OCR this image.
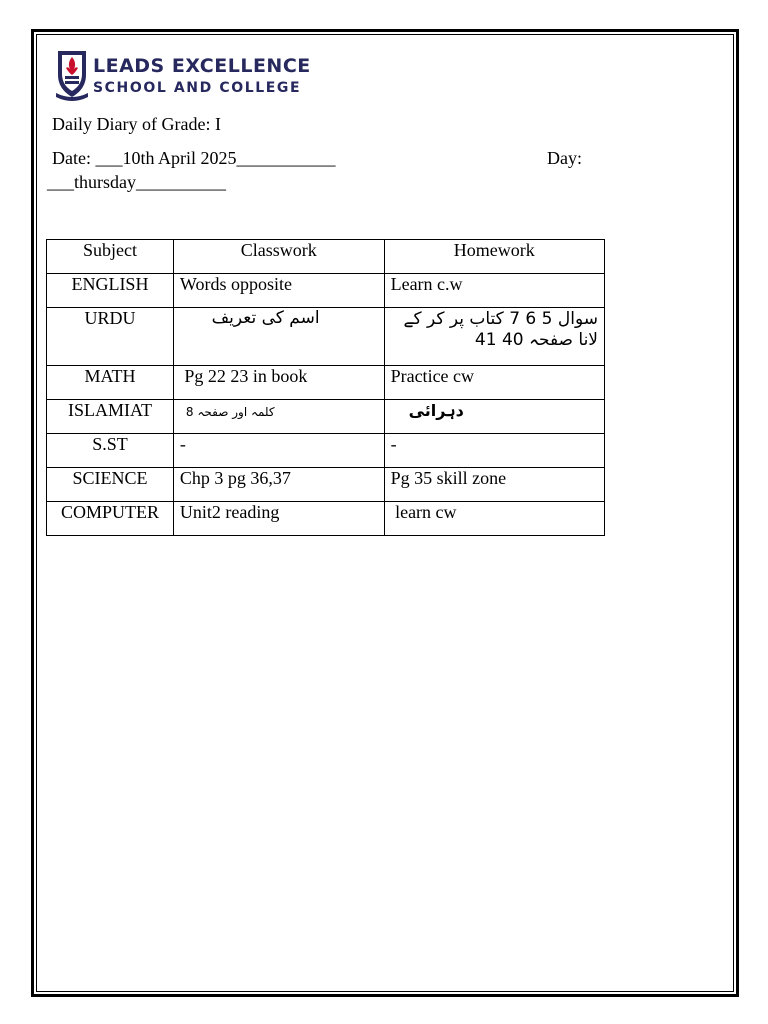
LEADS EXCELLENCE
SCHOOL AND COLLEGE
Daily Diary of Grade: I
Date: ___10th April 2025___________	Day:
___thursday__________
Subject	Classwork	Homework
ENGLISH	Words opposite	Learn c.w
URDU	اسم کی تعریف	سوال 5 6 7 کتاب پر کر کے لانا صفحہ 40 41
MATH	Pg 22 23 in book	Practice cw
ISLAMIAT	کلمہ اور صفحہ 8	دہرائی
S.ST	-	-
SCIENCE	Chp 3 pg 36,37	Pg 35 skill zone
COMPUTER	Unit2 reading	learn cw
